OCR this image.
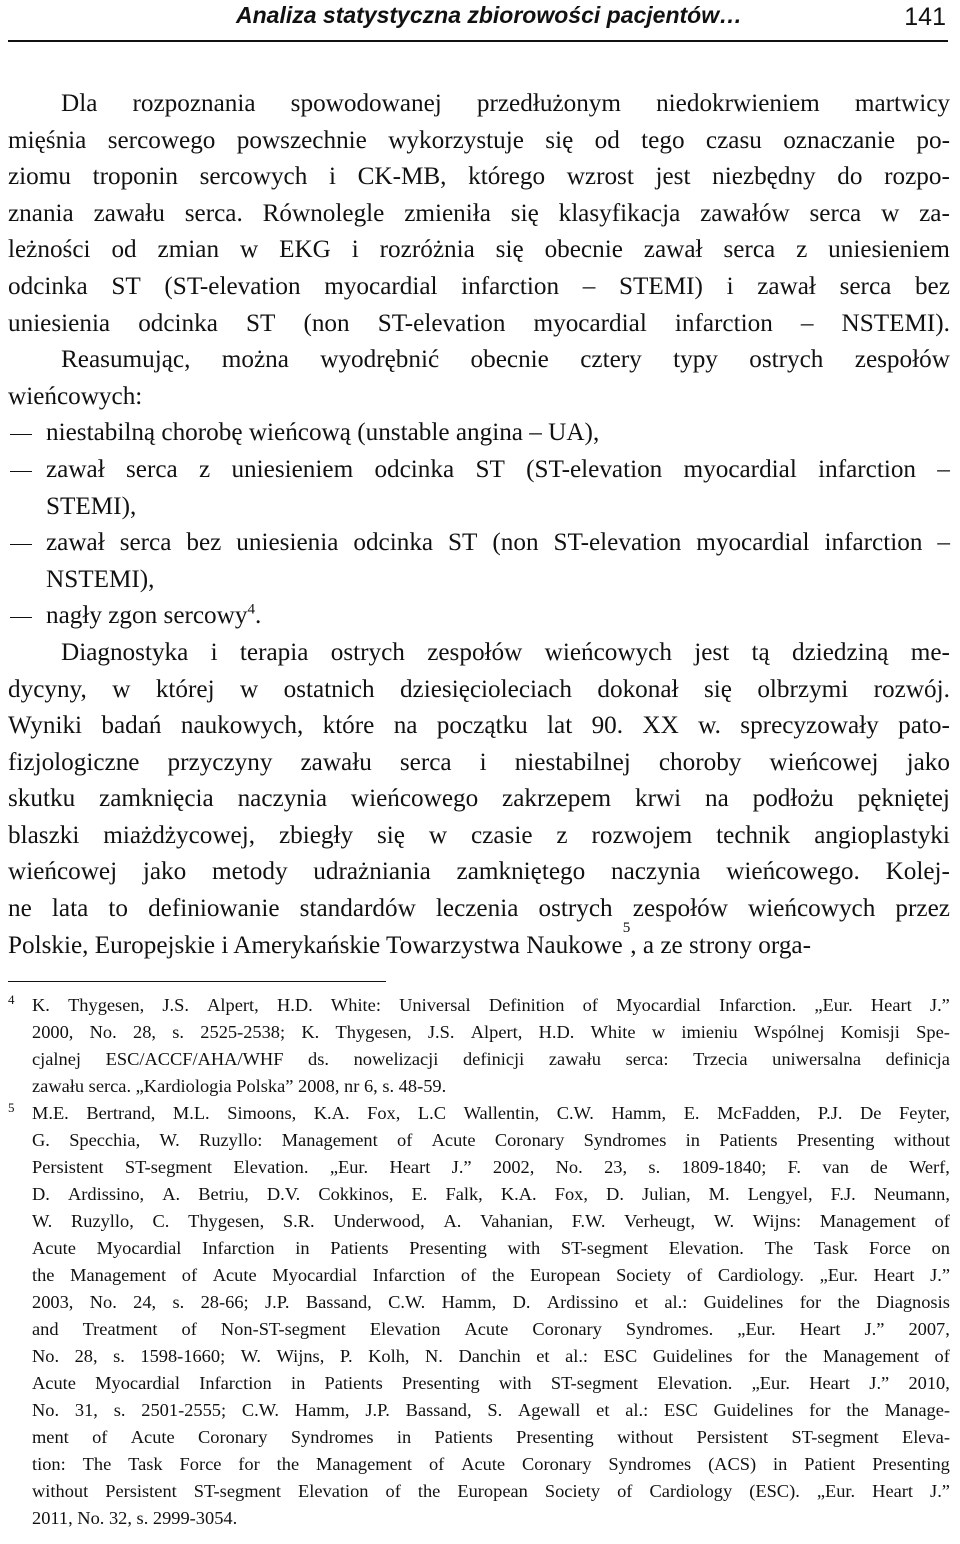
Analiza statystyczna zbiorowości pacjentów…	141
Dla rozpoznania spowodowanej przedłużonym niedokrwieniem martwicy
mięśnia sercowego powszechnie wykorzystuje się od tego czasu oznaczanie po-
ziomu troponin sercowych i CK-MB, którego wzrost jest niezbędny do rozpo-
znania zawału serca. Równolegle zmieniła się klasyfikacja zawałów serca w za-
leżności od zmian w EKG i rozróżnia się obecnie zawał serca z uniesieniem
odcinka ST (ST-elevation myocardial infarction – STEMI) i zawał serca bez
uniesienia odcinka ST (non ST-elevation myocardial infarction – NSTEMI).
Reasumując, można wyodrębnić obecnie cztery typy ostrych zespołów
wieńcowych:
niestabilną chorobę wieńcową (unstable angina – UA),
zawał serca z uniesieniem odcinka ST (ST-elevation myocardial infarction –
STEMI),
zawał serca bez uniesienia odcinka ST (non ST-elevation myocardial infarction –
NSTEMI),
nagły zgon sercowy$^4$.
Diagnostyka i terapia ostrych zespołów wieńcowych jest tą dziedziną me-
dycyny, w której w ostatnich dziesięcioleciach dokonał się olbrzymi rozwój.
Wyniki badań naukowych, które na początku lat 90. XX w. sprecyzowały pato-
fizjologiczne przyczyny zawału serca i niestabilnej choroby wieńcowej jako
skutku zamknięcia naczynia wieńcowego zakrzepem krwi na podłożu pękniętej
blaszki miażdżycowej, zbiegły się w czasie z rozwojem technik angioplastyki
wieńcowej jako metody udrażniania zamkniętego naczynia wieńcowego. Kolej-
ne lata to definiowanie standardów leczenia ostrych zespołów wieńcowych przez
Polskie, Europejskie i Amerykańskie Towarzystwa Naukowe
5
, a ze strony orga-
4 K. Thygesen, J.S. Alpert, H.D. White: Universal Definition of Myocardial Infarction. „Eur. Heart J.”
2000, No. 28, s. 2525-2538; K. Thygesen, J.S. Alpert, H.D. White w imieniu Wspólnej Komisji Spe-
cjalnej ESC/ACCF/AHA/WHF ds. nowelizacji definicji zawału serca: Trzecia uniwersalna definicja
zawału serca. „Kardiologia Polska” 2008, nr 6, s. 48-59.
5 M.E. Bertrand, M.L. Simoons, K.A. Fox, L.C Wallentin, C.W. Hamm, E. McFadden, P.J. De Feyter,
G. Specchia, W. Ruzyllo: Management of Acute Coronary Syndromes in Patients Presenting without
Persistent ST-segment Elevation. „Eur. Heart J.” 2002, No. 23, s. 1809-1840; F. van de Werf,
D. Ardissino, A. Betriu, D.V. Cokkinos, E. Falk, K.A. Fox, D. Julian, M. Lengyel, F.J. Neumann,
W. Ruzyllo, C. Thygesen, S.R. Underwood, A. Vahanian, F.W. Verheugt, W. Wijns: Management of
Acute Myocardial Infarction in Patients Presenting with ST-segment Elevation. The Task Force on
the Management of Acute Myocardial Infarction of the European Society of Cardiology. „Eur. Heart J.”
2003, No. 24, s. 28-66; J.P. Bassand, C.W. Hamm, D. Ardissino et al.: Guidelines for the Diagnosis
and Treatment of Non-ST-segment Elevation Acute Coronary Syndromes. „Eur. Heart J.” 2007,
No. 28, s. 1598-1660; W. Wijns, P. Kolh, N. Danchin et al.: ESC Guidelines for the Management of
Acute Myocardial Infarction in Patients Presenting with ST-segment Elevation. „Eur. Heart J.” 2010,
No. 31, s. 2501-2555; C.W. Hamm, J.P. Bassand, S. Agewall et al.: ESC Guidelines for the Manage-
ment of Acute Coronary Syndromes in Patients Presenting without Persistent ST-segment Eleva-
tion: The Task Force for the Management of Acute Coronary Syndromes (ACS) in Patient Presenting
without Persistent ST-segment Elevation of the European Society of Cardiology (ESC). „Eur. Heart J.”
2011, No. 32, s. 2999-3054.
